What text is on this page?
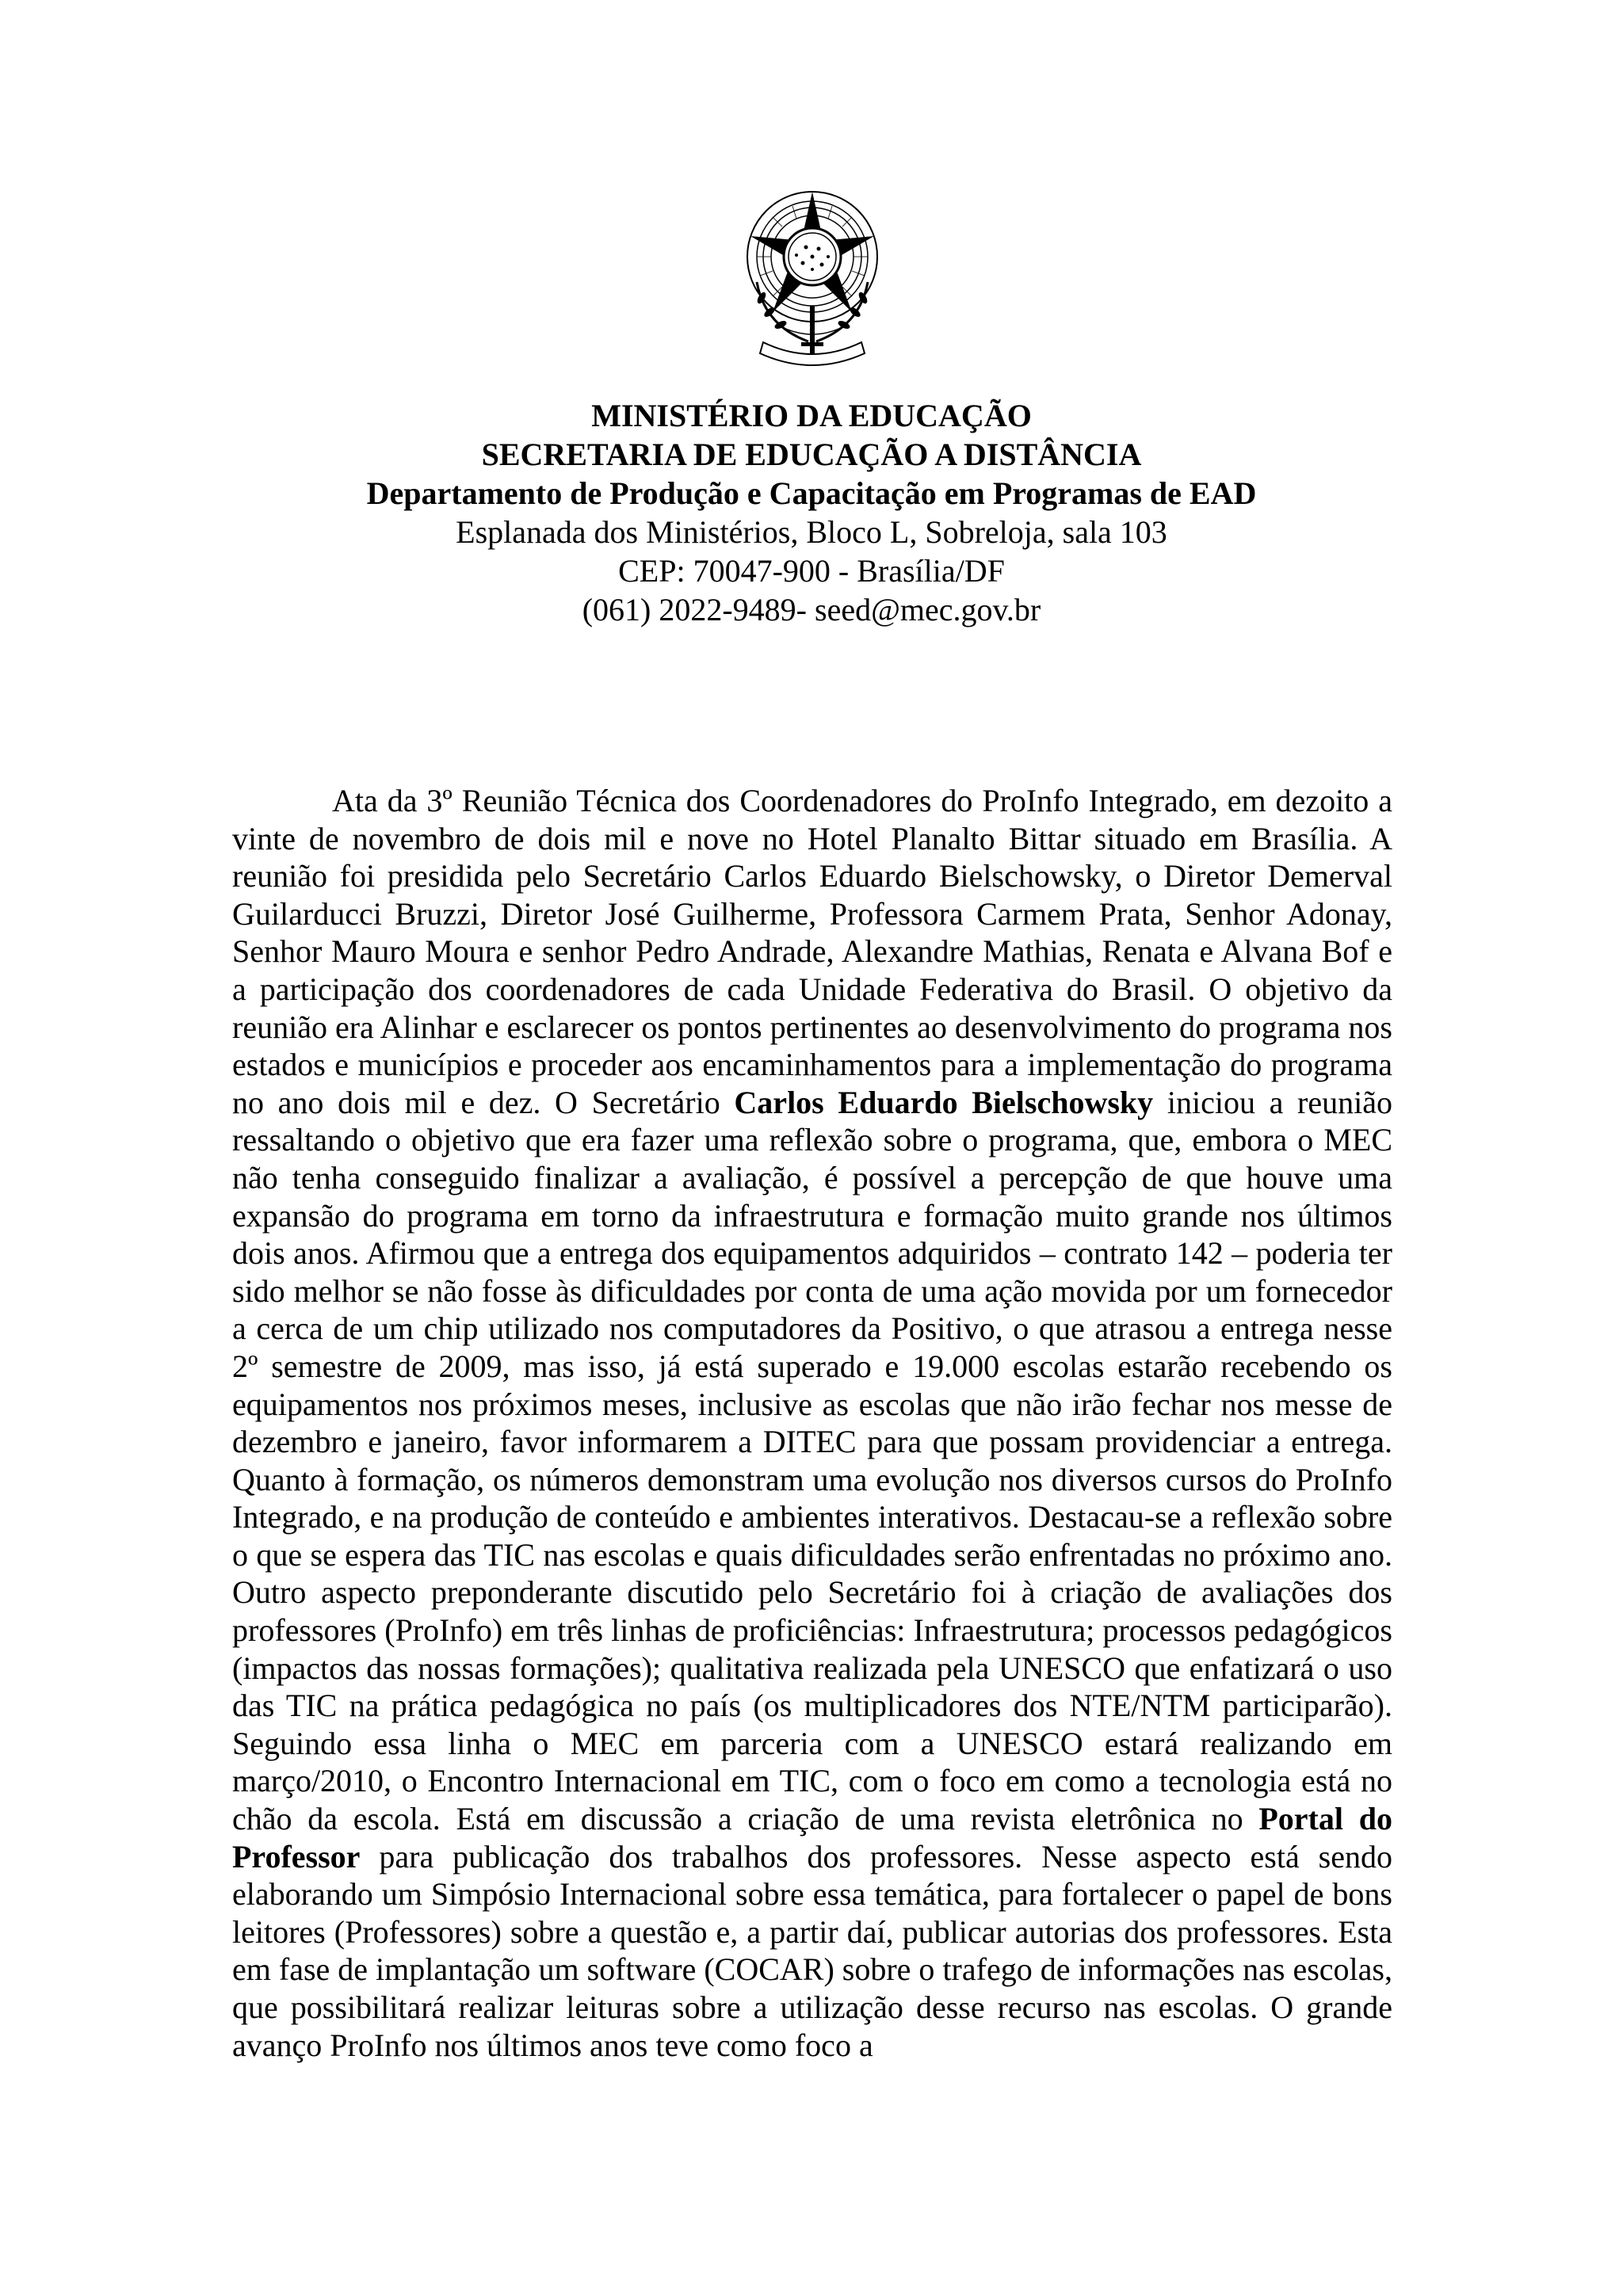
MINISTÉRIO DA EDUCAÇÃO
SECRETARIA DE EDUCAÇÃO A DISTÂNCIA
Departamento de Produção e Capacitação em Programas de EAD
Esplanada dos Ministérios, Bloco L, Sobreloja, sala 103
CEP: 70047-900 - Brasília/DF
(061) 2022-9489- seed@mec.gov.br
Ata da 3º Reunião Técnica dos Coordenadores do ProInfo Integrado, em dezoito a vinte de novembro de dois mil e nove no Hotel Planalto Bittar situado em Brasília. A reunião foi presidida pelo Secretário Carlos Eduardo Bielschowsky, o Diretor Demerval Guilarducci Bruzzi, Diretor José Guilherme, Professora Carmem Prata, Senhor Adonay, Senhor Mauro Moura e senhor Pedro Andrade, Alexandre Mathias, Renata e Alvana Bof e a participação dos coordenadores de cada Unidade Federativa do Brasil. O objetivo da reunião era Alinhar e esclarecer os pontos pertinentes ao desenvolvimento do programa nos estados e municípios e proceder aos encaminhamentos para a implementação do programa no ano dois mil e dez. O Secretário Carlos Eduardo Bielschowsky iniciou a reunião ressaltando o objetivo que era fazer uma reflexão sobre o programa, que, embora o MEC não tenha conseguido finalizar a avaliação, é possível a percepção de que houve uma expansão do programa em torno da infraestrutura e formação muito grande nos últimos dois anos. Afirmou que a entrega dos equipamentos adquiridos – contrato 142 – poderia ter sido melhor se não fosse às dificuldades por conta de uma ação movida por um fornecedor a cerca de um chip utilizado nos computadores da Positivo, o que atrasou a entrega nesse 2º semestre de 2009, mas isso, já está superado e 19.000 escolas estarão recebendo os equipamentos nos próximos meses, inclusive as escolas que não irão fechar nos messe de dezembro e janeiro, favor informarem a DITEC para que possam providenciar a entrega. Quanto à formação, os números demonstram uma evolução nos diversos cursos do ProInfo Integrado, e na produção de conteúdo e ambientes interativos. Destacau-se a reflexão sobre o que se espera das TIC nas escolas e quais dificuldades serão enfrentadas no próximo ano. Outro aspecto preponderante discutido pelo Secretário foi à criação de avaliações dos professores (ProInfo) em três linhas de proficiências: Infraestrutura; processos pedagógicos (impactos das nossas formações); qualitativa realizada pela UNESCO que enfatizará o uso das TIC na prática pedagógica no país (os multiplicadores dos NTE/NTM participarão). Seguindo essa linha o MEC em parceria com a UNESCO estará realizando em março/2010, o Encontro Internacional em TIC, com o foco em como a tecnologia está no chão da escola. Está em discussão a criação de uma revista eletrônica no Portal do Professor para publicação dos trabalhos dos professores. Nesse aspecto está sendo elaborando um Simpósio Internacional sobre essa temática, para fortalecer o papel de bons leitores (Professores) sobre a questão e, a partir daí, publicar autorias dos professores. Esta em fase de implantação um software (COCAR) sobre o trafego de informações nas escolas, que possibilitará realizar leituras sobre a utilização desse recurso nas escolas. O grande avanço ProInfo nos últimos anos teve como foco a
